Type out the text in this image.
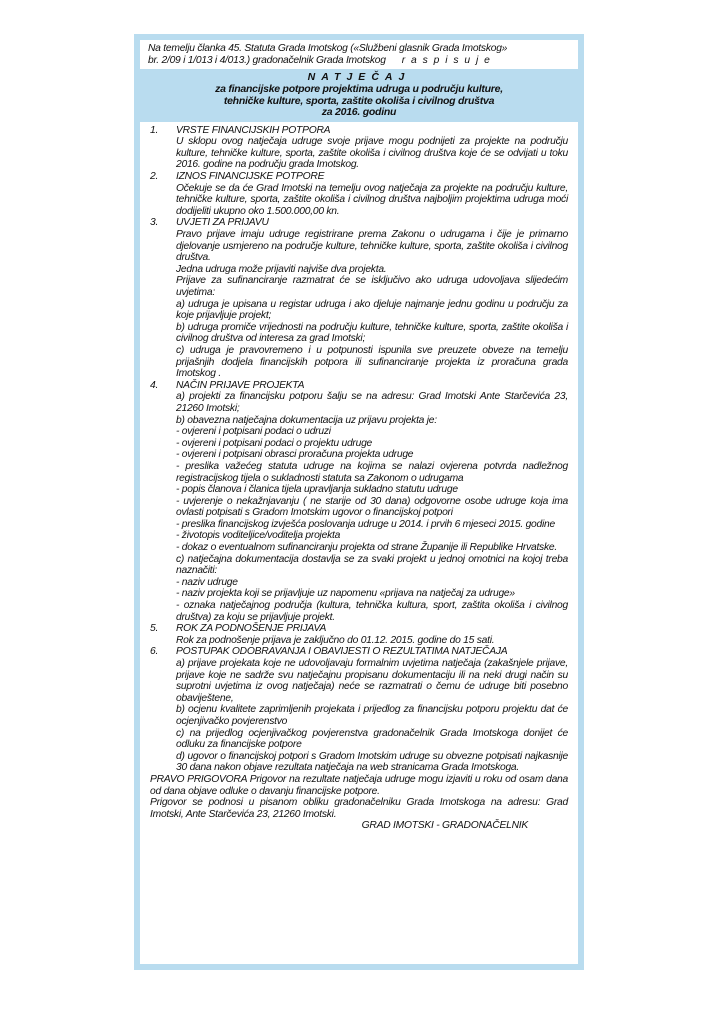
Na temelju članka 45. Statuta Grada Imotskog («Službeni glasnik Grada Imotskog»
br. 2/09 i 1/013 i 4/013.) gradonačelnik Grada Imotskog r a s p i s u j e
NATJEČAJ
za financijske potpore projektima udruga u području kulture,
tehničke kulture, sporta, zaštite okoliša i civilnog društva
za 2016. godinu
1.	VRSTE FINANCIJSKIH POTPORA
U sklopu ovog natječaja udruge svoje prijave mogu podnijeti za projekte na području kulture, tehničke kulture, sporta, zaštite okoliša i civilnog društva koje će se odvijati u toku 2016. godine na području grada Imotskog.
2.	IZNOS FINANCIJSKE POTPORE
Očekuje se da će Grad Imotski na temelju ovog natječaja za projekte na području kulture, tehničke kulture, sporta, zaštite okoliša i civilnog društva najboljim projektima udruga moći dodijeliti ukupno oko 1.500.000,00 kn.
3.	UVJETI ZA PRIJAVU
Pravo prijave imaju udruge registrirane prema Zakonu o udrugama i čije je primarno djelovanje usmjereno na područje kulture, tehničke kulture, sporta, zaštite okoliša i civilnog društva.
Jedna udruga može prijaviti najviše dva projekta.
Prijave za sufinanciranje razmatrat će se isključivo ako udruga udovoljava slijedećim uvjetima:
a) udruga je upisana u registar udruga i ako djeluje najmanje jednu godinu u području za koje prijavljuje projekt;
b) udruga promiče vrijednosti na području kulture, tehničke kulture, sporta, zaštite okoliša i civilnog društva od interesa za grad Imotski;
c) udruga je pravovremeno i u potpunosti ispunila sve preuzete obveze na temelju prijašnjih dodjela financijskih potpora ili sufinanciranje projekta iz proračuna grada Imotskog .
4.	NAČIN PRIJAVE PROJEKTA
a) projekti za financijsku potporu šalju se na adresu: Grad Imotski Ante Starčevića 23, 21260 Imotski;
b) obavezna natječajna dokumentacija uz prijavu projekta je:
- ovjereni i potpisani podaci o udruzi
- ovjereni i potpisani podaci o projektu udruge
- ovjereni i potpisani obrasci proračuna projekta udruge
- preslika važećeg statuta udruge na kojima se nalazi ovjerena potvrda nadležnog registracijskog tijela o sukladnosti statuta sa Zakonom o udrugama
- popis članova i članica tijela upravljanja sukladno statutu udruge
- uvjerenje o nekažnjavanju ( ne starije od 30 dana) odgovorne osobe udruge koja ima ovlasti potpisati s Gradom Imotskim ugovor o financijskoj potpori
- preslika financijskog izvješća poslovanja udruge u 2014. i prvih 6 mjeseci 2015. godine
- životopis voditeljice/voditelja projekta
- dokaz o eventualnom sufinanciranju projekta od strane Županije ili Republike Hrvatske.
c) natječajna dokumentacija dostavlja se za svaki projekt u jednoj omotnici na kojoj treba naznačiti:
- naziv udruge
- naziv projekta koji se prijavljuje uz napomenu «prijava na natječaj za udruge»
- oznaka natječajnog područja (kultura, tehnička kultura, sport, zaštita okoliša i civilnog društva) za koju se prijavljuje projekt.
5.	ROK ZA PODNOŠENJE PRIJAVA
Rok za podnošenje prijava je zaključno do 01.12. 2015. godine do 15 sati.
6.	POSTUPAK ODOBRAVANJA I OBAVIJESTI O REZULTATIMA NATJEČAJA
a) prijave projekata koje ne udovoljavaju formalnim uvjetima natječaja (zakašnjele prijave, prijave koje ne sadrže svu natječajnu propisanu dokumentaciju ili na neki drugi način su suprotni uvjetima iz ovog natječaja) neće se razmatrati o čemu će udruge biti posebno obaviještene,
b) ocjenu kvalitete zaprimljenih projekata i prijedlog za financijsku potporu projektu dat će ocjenjivačko povjerenstvo
c) na prijedlog ocjenjivačkog povjerenstva gradonačelnik Grada Imotskoga donijet će odluku za financijske potpore
d) ugovor o financijskoj potpori s Gradom Imotskim udruge su obvezne potpisati najkasnije 30 dana nakon objave rezultata natječaja na web stranicama Grada Imotskoga.
PRAVO PRIGOVORA Prigovor na rezultate natječaja udruge mogu izjaviti u roku od osam dana od dana objave odluke o davanju financijske potpore.
Prigovor se podnosi u pisanom obliku gradonačelniku Grada Imotskoga na adresu: Grad Imotski, Ante Starčevića 23, 21260 Imotski.
GRAD IMOTSKI - GRADONAČELNIK
